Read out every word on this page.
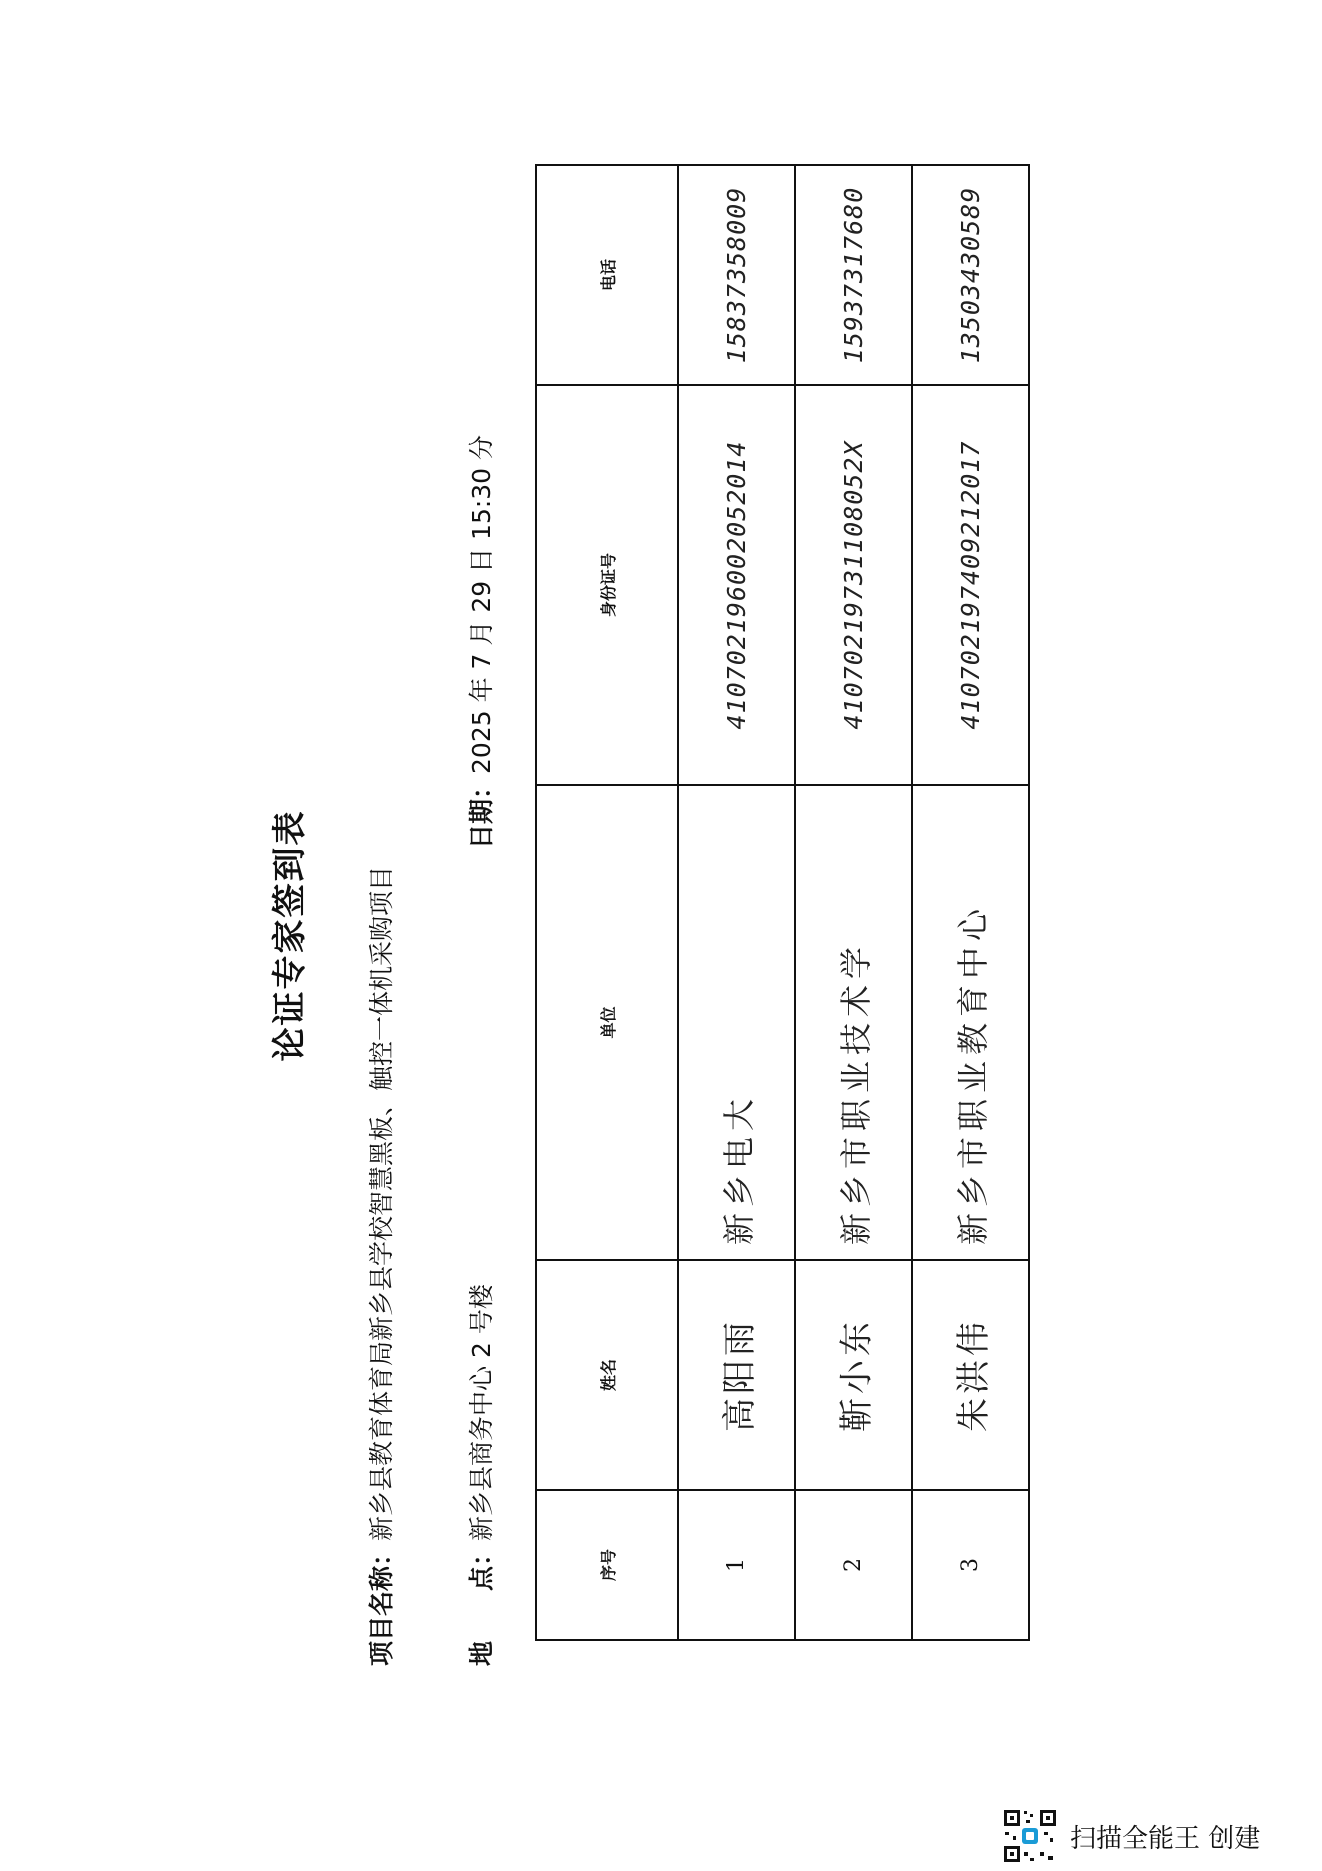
论证专家签到表
项目名称：新乡县教育体育局新乡县学校智慧黑板、触控一体机采购项目
地　　点：新乡县商务中心 2 号楼
日期：2025 年 7 月 29 日 15:30 分
序号	姓名	单位	身份证号	电话
1	高阳雨	新乡电大	410702196002052014	15837358009
2	靳小东	新乡市职业技术学	41070219731108052X	15937317680
3	朱洪伟	新乡市职业教育中心	410702197409212017	13503430589
扫描全能王 创建
